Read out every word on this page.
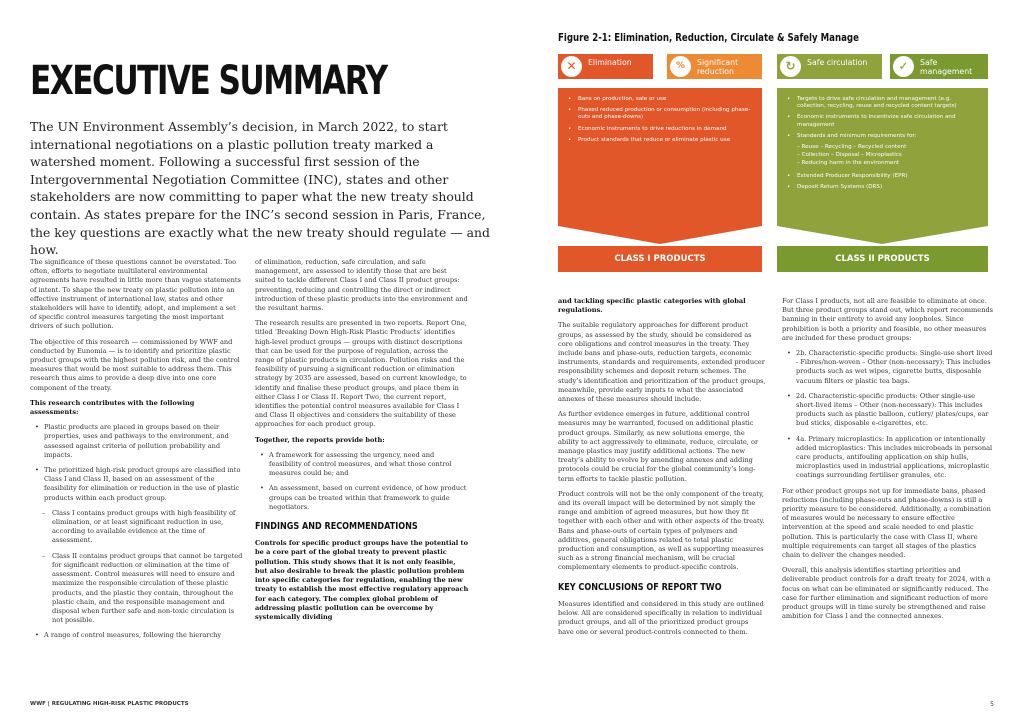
EXECUTIVE SUMMARY
The UN Environment Assembly’s decision, in March 2022, to start international negotiations on a plastic pollution treaty marked a watershed moment. Following a successful first session of the Intergovernmental Negotiation Committee (INC), states and other stakeholders are now committing to paper what the new treaty should contain. As states prepare for the INC’s second session in Paris, France, the key questions are exactly what the new treaty should regulate — and how.

The significance of these questions cannot be overstated. Too often, efforts to negotiate multilateral environmental agreements have resulted in little more than vague statements of intent. To shape the new treaty on plastic pollution into an effective instrument of international law, states and other stakeholders will have to identify, adopt, and implement a set of specific control measures targeting the most important drivers of such pollution.

The objective of this research — commissioned by WWF and conducted by Eunomia — is to identify and prioritize plastic product groups with the highest pollution risk, and the control measures that would be most suitable to address them. This research thus aims to provide a deep dive into one core component of the treaty.

This research contributes with the following assessments:
• Plastic products are placed in groups based on their properties, uses and pathways to the environment, and assessed against criteria of pollution probability and impacts.
• The prioritized high-risk product groups are classified into Class I and Class II, based on an assessment of the feasibility for elimination or reduction in the use of plastic products within each product group.
– Class I contains product groups with high feasibility of elimination, or at least significant reduction in use, according to available evidence at the time of assessment.
– Class II contains product groups that cannot be targeted for significant reduction or elimination at the time of assessment. Control measures will need to ensure and maximize the responsible circulation of these plastic products, and the plastic they contain, throughout the plastic chain, and the responsible management and disposal when further safe and non-toxic circulation is not possible.
• A range of control measures, following the hierarchy

of elimination, reduction, safe circulation, and safe management, are assessed to identify those that are best suited to tackle different Class I and Class II product groups: preventing, reducing and controlling the direct or indirect introduction of these plastic products into the environment and the resultant harms.

The research results are presented in two reports. Report One, titled ‘Breaking Down High-Risk Plastic Products’ identifies high-level product groups — groups with distinct descriptions that can be used for the purpose of regulation, across the range of plastic products in circulation. Pollution risks and the feasibility of pursuing a significant reduction or elimination strategy by 2035 are assessed, based on current knowledge, to identify and finalise these product groups, and place them in either Class I or Class II. Report Two, the current report, identifies the potential control measures available for Class I and Class II objectives and considers the suitability of these approaches for each product group.

Together, the reports provide both:
• A framework for assessing the urgency, need and feasibility of control measures, and what those control measures could be; and
• An assessment, based on current evidence, of how product groups can be treated within that framework to guide negotiators.
FINDINGS AND RECOMMENDATIONS

Controls for specific product groups have the potential to be a core part of the global treaty to prevent plastic pollution. This study shows that it is not only feasible, but also desirable to break the plastic pollution problem into specific categories for regulation, enabling the new treaty to establish the most effective regulatory approach for each category. The complex global problem of addressing plastic pollution can be overcome by systemically dividing

WWF | REGULATING HIGH-RISK PLASTIC PRODUCTS
Figure 2-1: Elimination, Reduction, Circulate & Safely Manage
✕	Elimination	%	Significant reduction	↻	Safe circulation	✓	Safe management
• Bans on production, sale or use
• Phased reduced production or consumption (including phase-outs and phase-downs)
• Economic instruments to drive reductions in demand
• Product standards that reduce or eliminate plastic use
• Targets to drive safe circulation and management (e.g. collection, recycling, reuse and recycled content targets)
• Economic instruments to incentivize safe circulation and management
• Standards and minimum requirements for:
– Reuse – Recycling – Recycled content
– Collection – Disposal – Microplastics
– Reducing harm in the environment
• Extended Producer Responsibility (EPR)
• Deposit Return Systems (DRS)
CLASS I PRODUCTS	CLASS II PRODUCTS

and tackling specific plastic categories with global regulations.

The suitable regulatory approaches for different product groups, as assessed by the study, should be considered as core obligations and control measures in the treaty. They include bans and phase-outs, reduction targets, economic instruments, standards and requirements, extended producer responsibility schemes and deposit return schemes. The study’s identification and prioritization of the product groups, meanwhile, provide early inputs to what the associated annexes of these measures should include.

As further evidence emerges in future, additional control measures may be warranted, focused on additional plastic product groups. Similarly, as new solutions emerge, the ability to act aggressively to eliminate, reduce, circulate, or manage plastics may justify additional actions. The new treaty’s ability to evolve by amending annexes and adding protocols could be crucial for the global community’s long-term efforts to tackle plastic pollution.

Product controls will not be the only component of the treaty, and its overall impact will be determined by not simply the range and ambition of agreed measures, but how they fit together with each other and with other aspects of the treaty. Bans and phase-outs of certain types of polymers and additives, general obligations related to total plastic production and consumption, as well as supporting measures such as a strong financial mechanism, will be crucial complementary elements to product-specific controls.

KEY CONCLUSIONS OF REPORT TWO

Measures identified and considered in this study are outlined below. All are considered specifically in relation to individual product groups, and all of the prioritized product groups have one or several product-controls connected to them.

For Class I products, not all are feasible to eliminate at once. But three product groups stand out, which report recommends banning in their entirety to avoid any loopholes. Since prohibition is both a priority and feasible, no other measures are included for these product groups:

• 2b. Characteristic-specific products: Single-use short lived - Fibres/non-woven – Other (non-necessary): This includes products such as wet wipes, cigarette butts, disposable vacuum filters or plastic tea bags.
• 2d. Characteristic-specific products: Other single-use short-lived items – Other (non-necessary): This includes products such as plastic balloon, cutlery/ plates/cups, ear bud sticks, disposable e-cigarettes, etc.
• 4a. Primary microplastics: In application or intentionally added microplastics: This includes microbeads in personal care products, antifouling application on ship hulls, microplastics used in industrial applications, microplastic coatings surrounding fertiliser granules, etc.

For other product groups not up for immediate bans, phased reductions (including phase-outs and phase-downs) is still a priority measure to be considered. Additionally, a combination of measures would be necessary to ensure effective intervention at the speed and scale needed to end plastic pollution. This is particularly the case with Class II, where multiple requirements can target all stages of the plastics chain to deliver the changes needed.

Overall, this analysis identifies starting priorities and deliverable product controls for a draft treaty for 2024, with a focus on what can be eliminated or significantly reduced. The case for further elimination and significant reduction of more product groups will in time surely be strengthened and raise ambition for Class I and the connected annexes.

5
